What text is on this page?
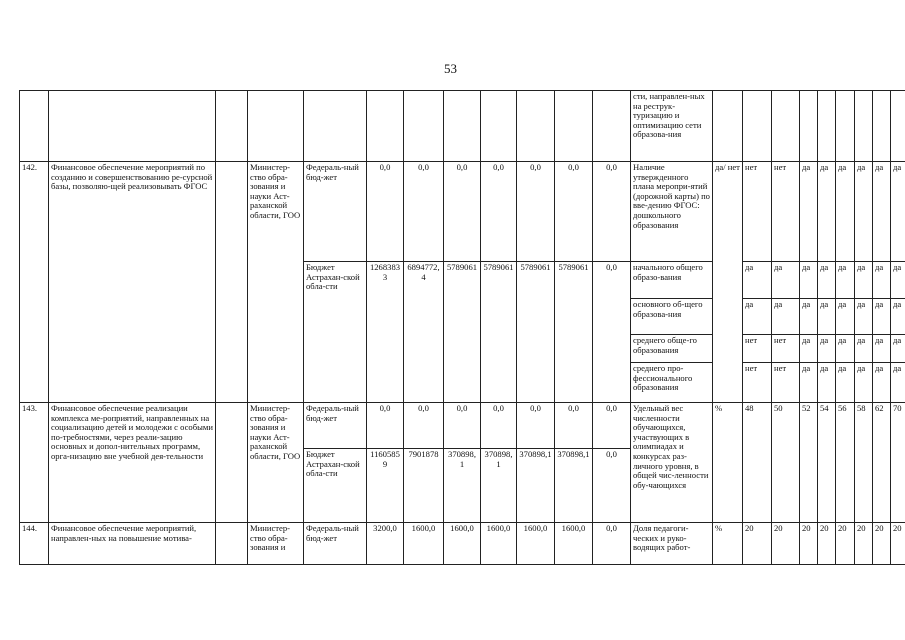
53
												сти, направлен-ных на реструк-туризацию и оптимизацию сети образова-ния									
142.	Финансовое обеспечение мероприятий по созданию и совершенствованию ре-сурсной базы, позволяю-щей реализовывать ФГОС		Министер-ство обра-зования и науки Аст-раханской области, ГОО	Федераль-ный бюд-жет	0,0	0,0	0,0	0,0	0,0	0,0	0,0	Наличие утвержденного плана меропри-ятий (дорожной карты) по вве-дению ФГОС: дошкольного образования	да/ нет	нет	нет	да	да	да	да	да	да
				Бюджет Астрахан-ской обла-сти	12683833	6894772,4	5789061	5789061	5789061	5789061	0,0	начального общего образо-вания		да	да	да	да	да	да	да	да
												основного об-щего образова-ния		да	да	да	да	да	да	да	да
												среднего обще-го образования		нет	нет	да	да	да	да	да	да
												среднего про-фессионального образования		нет	нет	да	да	да	да	да	да
143.	Финансовое обеспечение реализации комплекса ме-роприятий, направленных на социализацию детей и молодежи с особыми по-требностями, через реали-зацию основных и допол-нительных программ, орга-низацию вне учебной дея-тельности		Министер-ство обра-зования и науки Аст-раханской области, ГОО	Федераль-ный бюд-жет	0,0	0,0	0,0	0,0	0,0	0,0	0,0	Удельный вес численности обучающихся, участвующих в олимпиадах и конкурсах раз-личного уровня, в общей чис-ленности обу-чающихся	%	48	50	52	54	56	58	62	70
				Бюджет Астрахан-ской обла-сти	11605859	7901878	370898,1	370898,1	370898,1	370898,1	0,0										
144.	Финансовое обеспечение мероприятий, направлен-ных на повышение мотива-		Министер-ство обра-зования и	Федераль-ный бюд-жет	3200,0	1600,0	1600,0	1600,0	1600,0	1600,0	0,0	Доля педагоги-ческих и руко-водящих работ-	%	20	20	20	20	20	20	20	20
